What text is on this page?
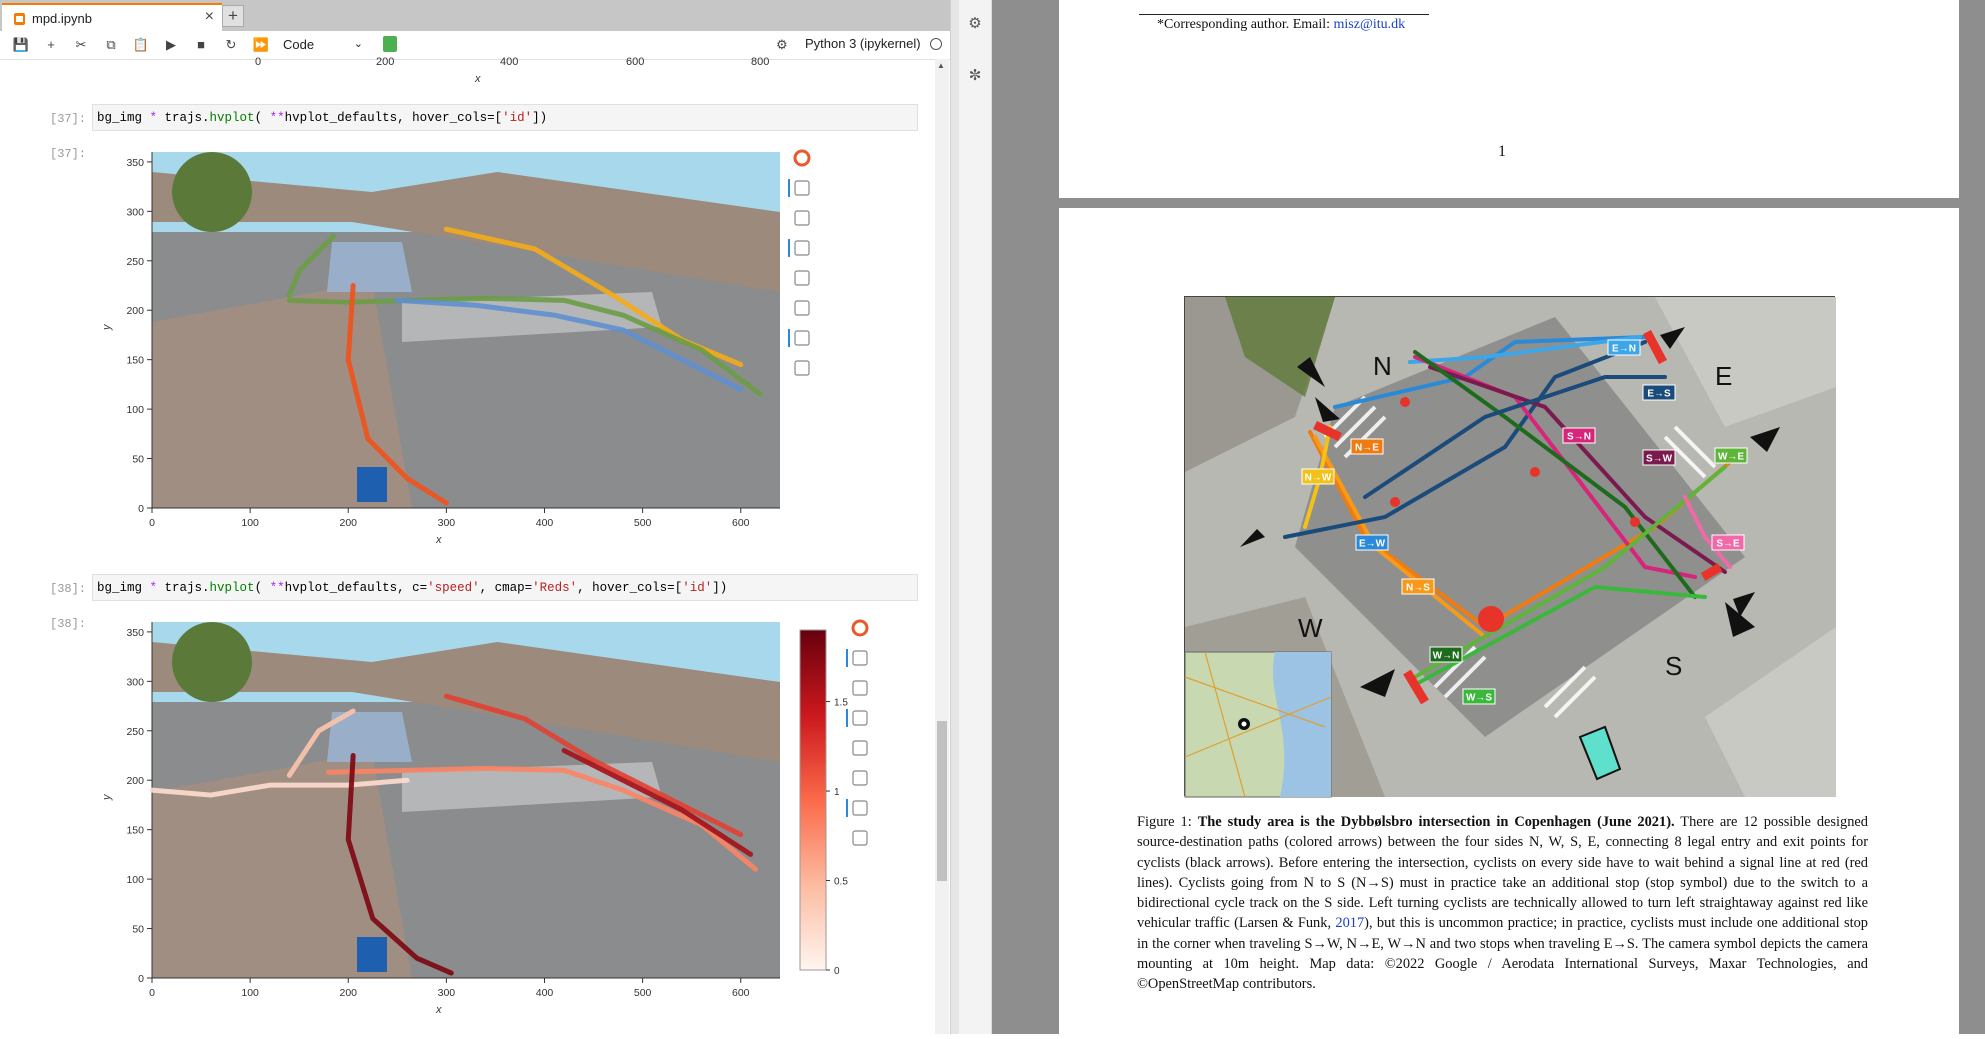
mpd.ipynb	× +
💾	+	✂	⧉	📋	▶	■	↻ ⏩ Code	⌄	⚙ Python 3 (ipykernel)
0	200	400	600	800
x
[37]: bg_img * trajs.hvplot( **hvplot_defaults, hover_cols=['id'])
[37]:
0	100	200	300	400	500	600
0
50
100
150
200
250
300
350
x
y
[38]: bg_img * trajs.hvplot( **hvplot_defaults, c='speed', cmap='Reds', hover_cols=['id'])
[38]:
0	100	200	300	400	500	600
0
50
100
150
200
250
300
350
x
y
0
0.5
1
1.5
▲
⚙
✼
*Corresponding author. Email: misz@itu.dk
1
E→N
E→S
N→E
N→W
S→N
S→W	W→E
E→W
N→S
S→E
W→N
W→S
N	E
S
W
Figure 1: The study area is the Dybbølsbro intersection in Copenhagen (June 2021). There are 12 possible designed source-destination paths (colored arrows) between the four sides N, W, S, E, connecting 8 legal entry and exit points for cyclists (black arrows). Before entering the intersection, cyclists on every side have to wait behind a signal line at red (red lines). Cyclists going from N to S (N→S) must in practice take an additional stop (stop symbol) due to the switch to a bidirectional cycle track on the S side. Left turning cyclists are technically allowed to turn left straightaway against red like vehicular traffic (Larsen & Funk, 2017), but this is uncommon practice; in practice, cyclists must include one additional stop in the corner when traveling S→W, N→E, W→N and two stops when traveling E→S. The camera symbol depicts the camera mounting at 10m height. Map data: ©2022 Google / Aerodata International Surveys, Maxar Technologies, and ©OpenStreetMap contributors.
